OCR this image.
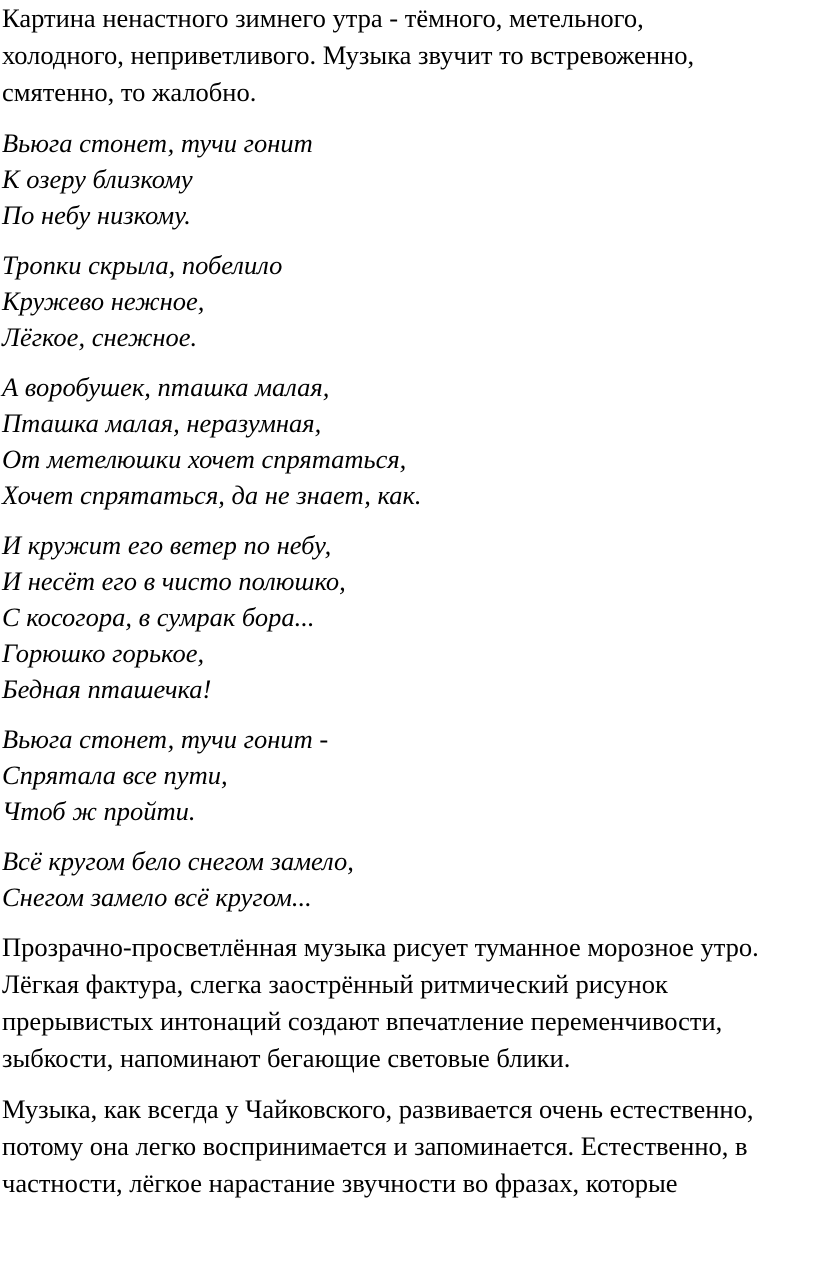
Картина ненастного зимнего утра - тёмного, метельного,
холодного, неприветливого. Музыка звучит то встревоженно,
смятенно, то жалобно.

Вьюга стонет, тучи гонит
К озеру близкому
По небу низкому.

Тропки скрыла, побелило
Кружево нежное,
Лёгкое, снежное.

А воробушек, пташка малая,
Пташка малая, неразумная,
От метелюшки хочет спрятаться,
Хочет спрятаться, да не знает, как.

И кружит его ветер по небу,
И несёт его в чисто полюшко,
С косогора, в сумрак бора...
Горюшко горькое,
Бедная пташечка!

Вьюга стонет, тучи гонит -
Спрятала все пути,
Чтоб ж пройти.

Всё кругом бело снегом замело,
Снегом замело всё кругом...

Прозрачно-просветлённая музыка рисует туманное морозное утро.
Лёгкая фактура, слегка заострённый ритмический рисунок
прерывистых интонаций создают впечатление переменчивости,
зыбкости, напоминают бегающие световые блики.

Музыка, как всегда у Чайковского, развивается очень естественно,
потому она легко воспринимается и запоминается. Естественно, в
частности, лёгкое нарастание звучности во фразах, которые
